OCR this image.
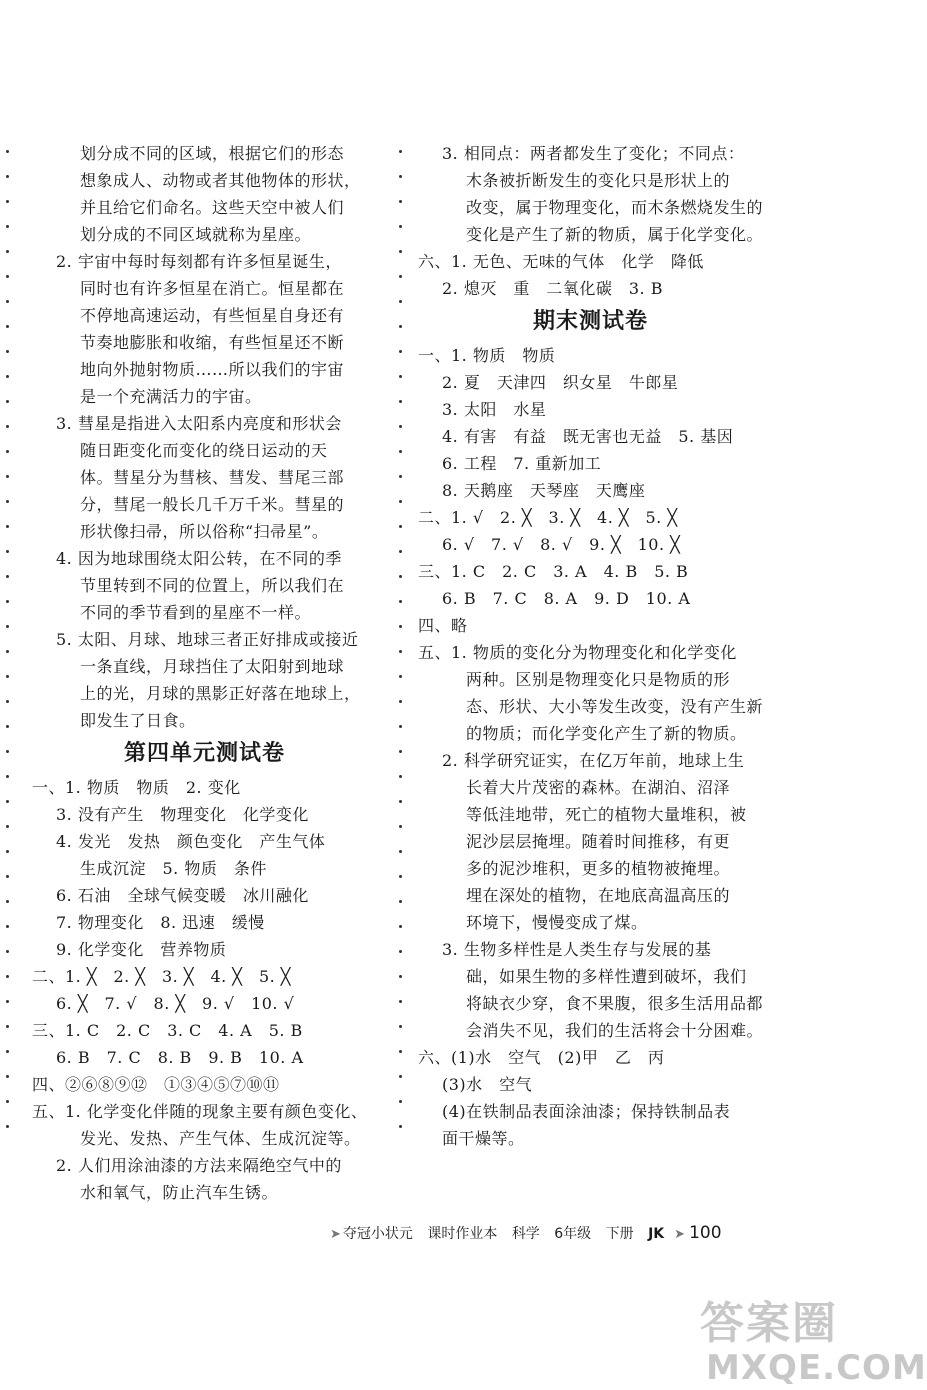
划分成不同的区域，根据它们的形态
想象成人、动物或者其他物体的形状，
并且给它们命名。这些天空中被人们
划分成的不同区域就称为星座。
2. 宇宙中每时每刻都有许多恒星诞生，
同时也有许多恒星在消亡。恒星都在
不停地高速运动，有些恒星自身还有
节奏地膨胀和收缩，有些恒星还不断
地向外抛射物质……所以我们的宇宙
是一个充满活力的宇宙。
3. 彗星是指进入太阳系内亮度和形状会
随日距变化而变化的绕日运动的天
体。彗星分为彗核、彗发、彗尾三部
分，彗尾一般长几千万千米。彗星的
形状像扫帚，所以俗称“扫帚星”。
4. 因为地球围绕太阳公转，在不同的季
节里转到不同的位置上，所以我们在
不同的季节看到的星座不一样。
5. 太阳、月球、地球三者正好排成或接近
一条直线，月球挡住了太阳射到地球
上的光，月球的黑影正好落在地球上，
即发生了日食。
第四单元测试卷
一、1. 物质　物质　2. 变化
3. 没有产生　物理变化　化学变化
4. 发光　发热　颜色变化　产生气体
生成沉淀　5. 物质　条件
6. 石油　全球气候变暖　冰川融化
7. 物理变化　8. 迅速　缓慢
9. 化学变化　营养物质
二、1. ╳　2. ╳　3. ╳　4. ╳　5. ╳
6. ╳　7. √　8. ╳　9. √　10. √
三、1. C　2. C　3. C　4. A　5. B
6. B　7. C　8. B　9. B　10. A
四、②⑥⑧⑨⑫　①③④⑤⑦⑩⑪
五、1. 化学变化伴随的现象主要有颜色变化、
发光、发热、产生气体、生成沉淀等。
2. 人们用涂油漆的方法来隔绝空气中的
水和氧气，防止汽车生锈。
3. 相同点：两者都发生了变化；不同点：
木条被折断发生的变化只是形状上的
改变，属于物理变化，而木条燃烧发生的
变化是产生了新的物质，属于化学变化。
六、1. 无色、无味的气体　化学　降低
2. 熄灭　重　二氧化碳　3. B
期末测试卷
一、1. 物质　物质
2. 夏　天津四　织女星　牛郎星
3. 太阳　水星
4. 有害　有益　既无害也无益　5. 基因
6. 工程　7. 重新加工
8. 天鹅座　天琴座　天鹰座
二、1. √　2. ╳　3. ╳　4. ╳　5. ╳
6. √　7. √　8. √　9. ╳　10. ╳
三、1. C　2. C　3. A　4. B　5. B
6. B　7. C　8. A　9. D　10. A
四、略
五、1. 物质的变化分为物理变化和化学变化
两种。区别是物理变化只是物质的形
态、形状、大小等发生改变，没有产生新
的物质；而化学变化产生了新的物质。
2. 科学研究证实，在亿万年前，地球上生
长着大片茂密的森林。在湖泊、沼泽
等低洼地带，死亡的植物大量堆积，被
泥沙层层掩埋。随着时间推移，有更
多的泥沙堆积，更多的植物被掩埋。
埋在深处的植物，在地底高温高压的
环境下，慢慢变成了煤。
3. 生物多样性是人类生存与发展的基
础，如果生物的多样性遭到破坏，我们
将缺衣少穿，食不果腹，很多生活用品都
会消失不见，我们的生活将会十分困难。
六、(1)水　空气　(2)甲　乙　丙
(3)水　空气
(4)在铁制品表面涂油漆；保持铁制品表
面干燥等。
➤ 夺冠小状元 课时作业本 科学 6年级 下册 JK ➤ 100
答案圈
MXQE.COM
